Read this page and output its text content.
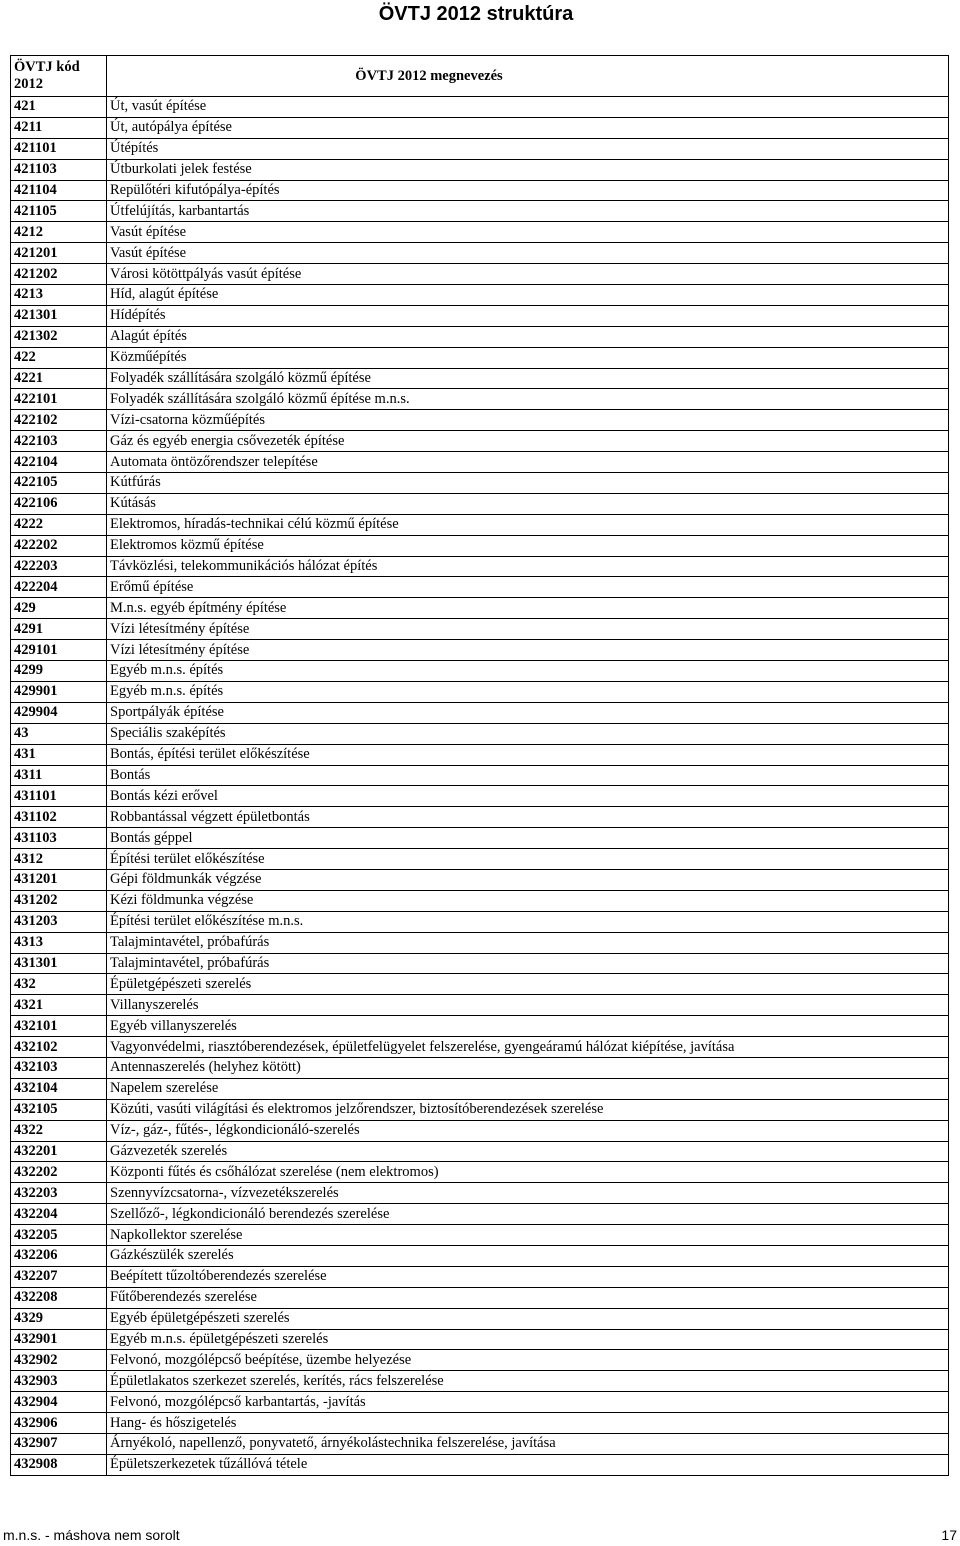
ÖVTJ 2012 struktúra
ÖVTJ kód
2012	ÖVTJ 2012 megnevezés
421	Út, vasút építése
4211	Út, autópálya építése
421101	Útépítés
421103	Útburkolati jelek festése
421104	Repülőtéri kifutópálya-építés
421105	Útfelújítás, karbantartás
4212	Vasút építése
421201	Vasút építése
421202	Városi kötöttpályás vasút építése
4213	Híd, alagút építése
421301	Hídépítés
421302	Alagút építés
422	Közműépítés
4221	Folyadék szállítására szolgáló közmű építése
422101	Folyadék szállítására szolgáló közmű építése m.n.s.
422102	Vízi-csatorna közműépítés
422103	Gáz és egyéb energia csővezeték építése
422104	Automata öntözőrendszer telepítése
422105	Kútfúrás
422106	Kútásás
4222	Elektromos, híradás-technikai célú közmű építése
422202	Elektromos közmű építése
422203	Távközlési, telekommunikációs hálózat építés
422204	Erőmű építése
429	M.n.s. egyéb építmény építése
4291	Vízi létesítmény építése
429101	Vízi létesítmény építése
4299	Egyéb m.n.s. építés
429901	Egyéb m.n.s. építés
429904	Sportpályák építése
43	Speciális szaképítés
431	Bontás, építési terület előkészítése
4311	Bontás
431101	Bontás kézi erővel
431102	Robbantással végzett épületbontás
431103	Bontás géppel
4312	Építési terület előkészítése
431201	Gépi földmunkák végzése
431202	Kézi földmunka végzése
431203	Építési terület előkészítése m.n.s.
4313	Talajmintavétel, próbafúrás
431301	Talajmintavétel, próbafúrás
432	Épületgépészeti szerelés
4321	Villanyszerelés
432101	Egyéb villanyszerelés
432102	Vagyonvédelmi, riasztóberendezések, épületfelügyelet felszerelése, gyengeáramú hálózat kiépítése, javítása
432103	Antennaszerelés (helyhez kötött)
432104	Napelem szerelése
432105	Közúti, vasúti világítási és elektromos jelzőrendszer, biztosítóberendezések szerelése
4322	Víz-, gáz-, fűtés-, légkondicionáló-szerelés
432201	Gázvezeték szerelés
432202	Központi fűtés és csőhálózat szerelése (nem elektromos)
432203	Szennyvízcsatorna-, vízvezetékszerelés
432204	Szellőző-, légkondicionáló berendezés szerelése
432205	Napkollektor szerelése
432206	Gázkészülék szerelés
432207	Beépített tűzoltóberendezés szerelése
432208	Fűtőberendezés szerelése
4329	Egyéb épületgépészeti szerelés
432901	Egyéb m.n.s. épületgépészeti szerelés
432902	Felvonó, mozgólépcső beépítése, üzembe helyezése
432903	Épületlakatos szerkezet szerelés, kerítés, rács felszerelése
432904	Felvonó, mozgólépcső karbantartás, -javítás
432906	Hang- és hőszigetelés
432907	Árnyékoló, napellenző, ponyvatető, árnyékolástechnika felszerelése, javítása
432908	Épületszerkezetek tűzállóvá tétele
m.n.s. - máshova nem sorolt	17
